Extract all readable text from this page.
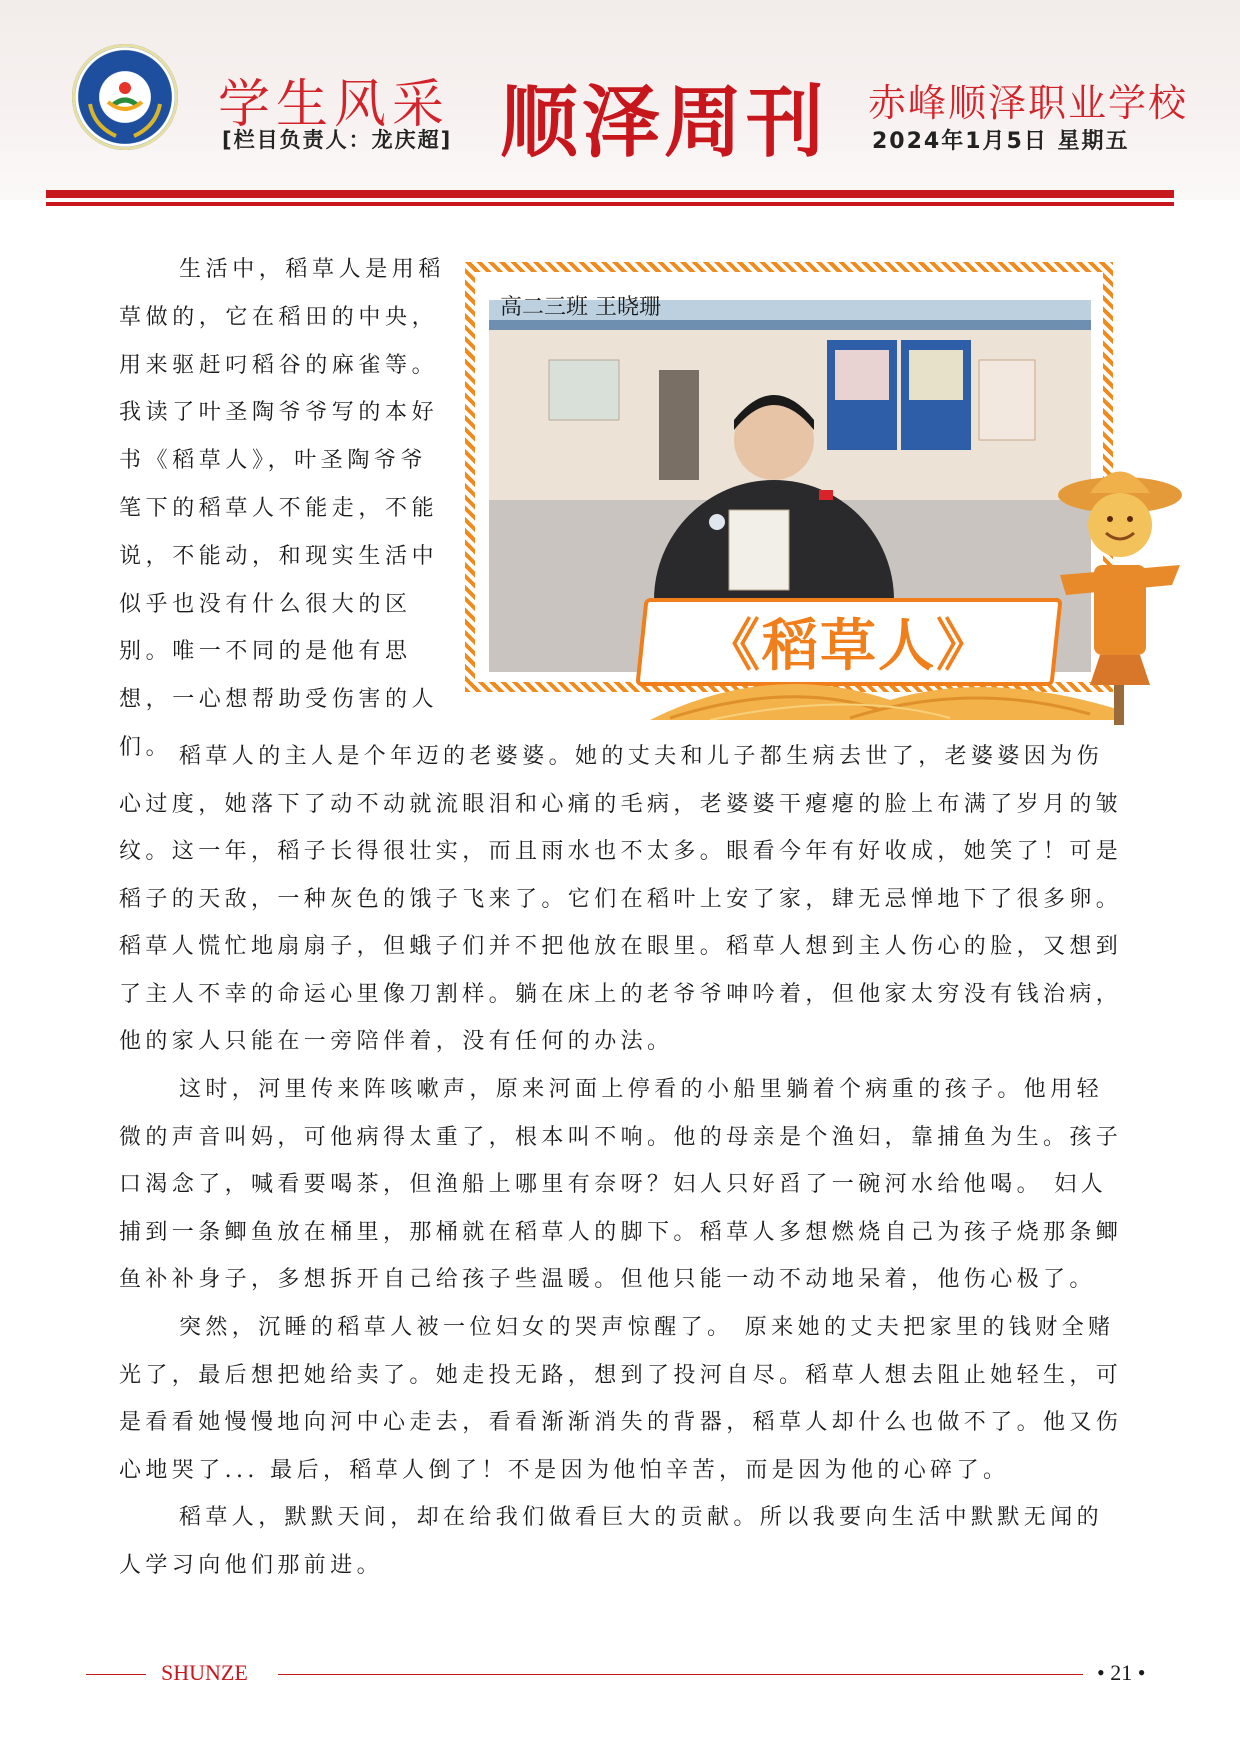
学生风采
[栏目负责人：龙庆超] 顺泽周刊 赤峰顺泽职业学校
2024年1月5日 星期五
生活中，稻草人是用稻草做的，它在稻田的中央，用来驱赶叼稻谷的麻雀等。我读了叶圣陶爷爷写的本好书《稻草人》，叶圣陶爷爷笔下的稻草人不能走，不能说，不能动，和现实生活中似乎也没有什么很大的区别。唯一不同的是他有思想，一心想帮助受伤害的人们。
高二三班 王晓珊
《稻草人》

稻草人的主人是个年迈的老婆婆。她的丈夫和儿子都生病去世了，老婆婆因为伤心过度，她落下了动不动就流眼泪和心痛的毛病，老婆婆干瘪瘪的脸上布满了岁月的皱纹。这一年，稻子长得很壮实，而且雨水也不太多。眼看今年有好收成，她笑了！可是稻子的天敌，一种灰色的饿子飞来了。它们在稻叶上安了家，肆无忌惮地下了很多卵。稻草人慌忙地扇扇子，但蛾子们并不把他放在眼里。稻草人想到主人伤心的脸，又想到了主人不幸的命运心里像刀割样。躺在床上的老爷爷呻吟着，但他家太穷没有钱治病，他的家人只能在一旁陪伴着，没有任何的办法。

这时，河里传来阵咳嗽声，原来河面上停看的小船里躺着个病重的孩子。他用轻微的声音叫妈，可他病得太重了，根本叫不响。他的母亲是个渔妇，靠捕鱼为生。孩子口渴念了，喊看要喝茶，但渔船上哪里有奈呀？妇人只好舀了一碗河水给他喝。 妇人捕到一条鲫鱼放在桶里，那桶就在稻草人的脚下。稻草人多想燃烧自己为孩子烧那条鲫鱼补补身子，多想拆开自己给孩子些温暖。但他只能一动不动地呆着，他伤心极了。

突然，沉睡的稻草人被一位妇女的哭声惊醒了。 原来她的丈夫把家里的钱财全赌光了，最后想把她给卖了。她走投无路，想到了投河自尽。稻草人想去阻止她轻生，可是看看她慢慢地向河中心走去，看看渐渐消失的背器，稻草人却什么也做不了。他又伤心地哭了... 最后，稻草人倒了！不是因为他怕辛苦，而是因为他的心碎了。

稻草人，默默天间，却在给我们做看巨大的贡献。所以我要向生活中默默无闻的人学习向他们那前进。

SHUNZE	• 21 •
